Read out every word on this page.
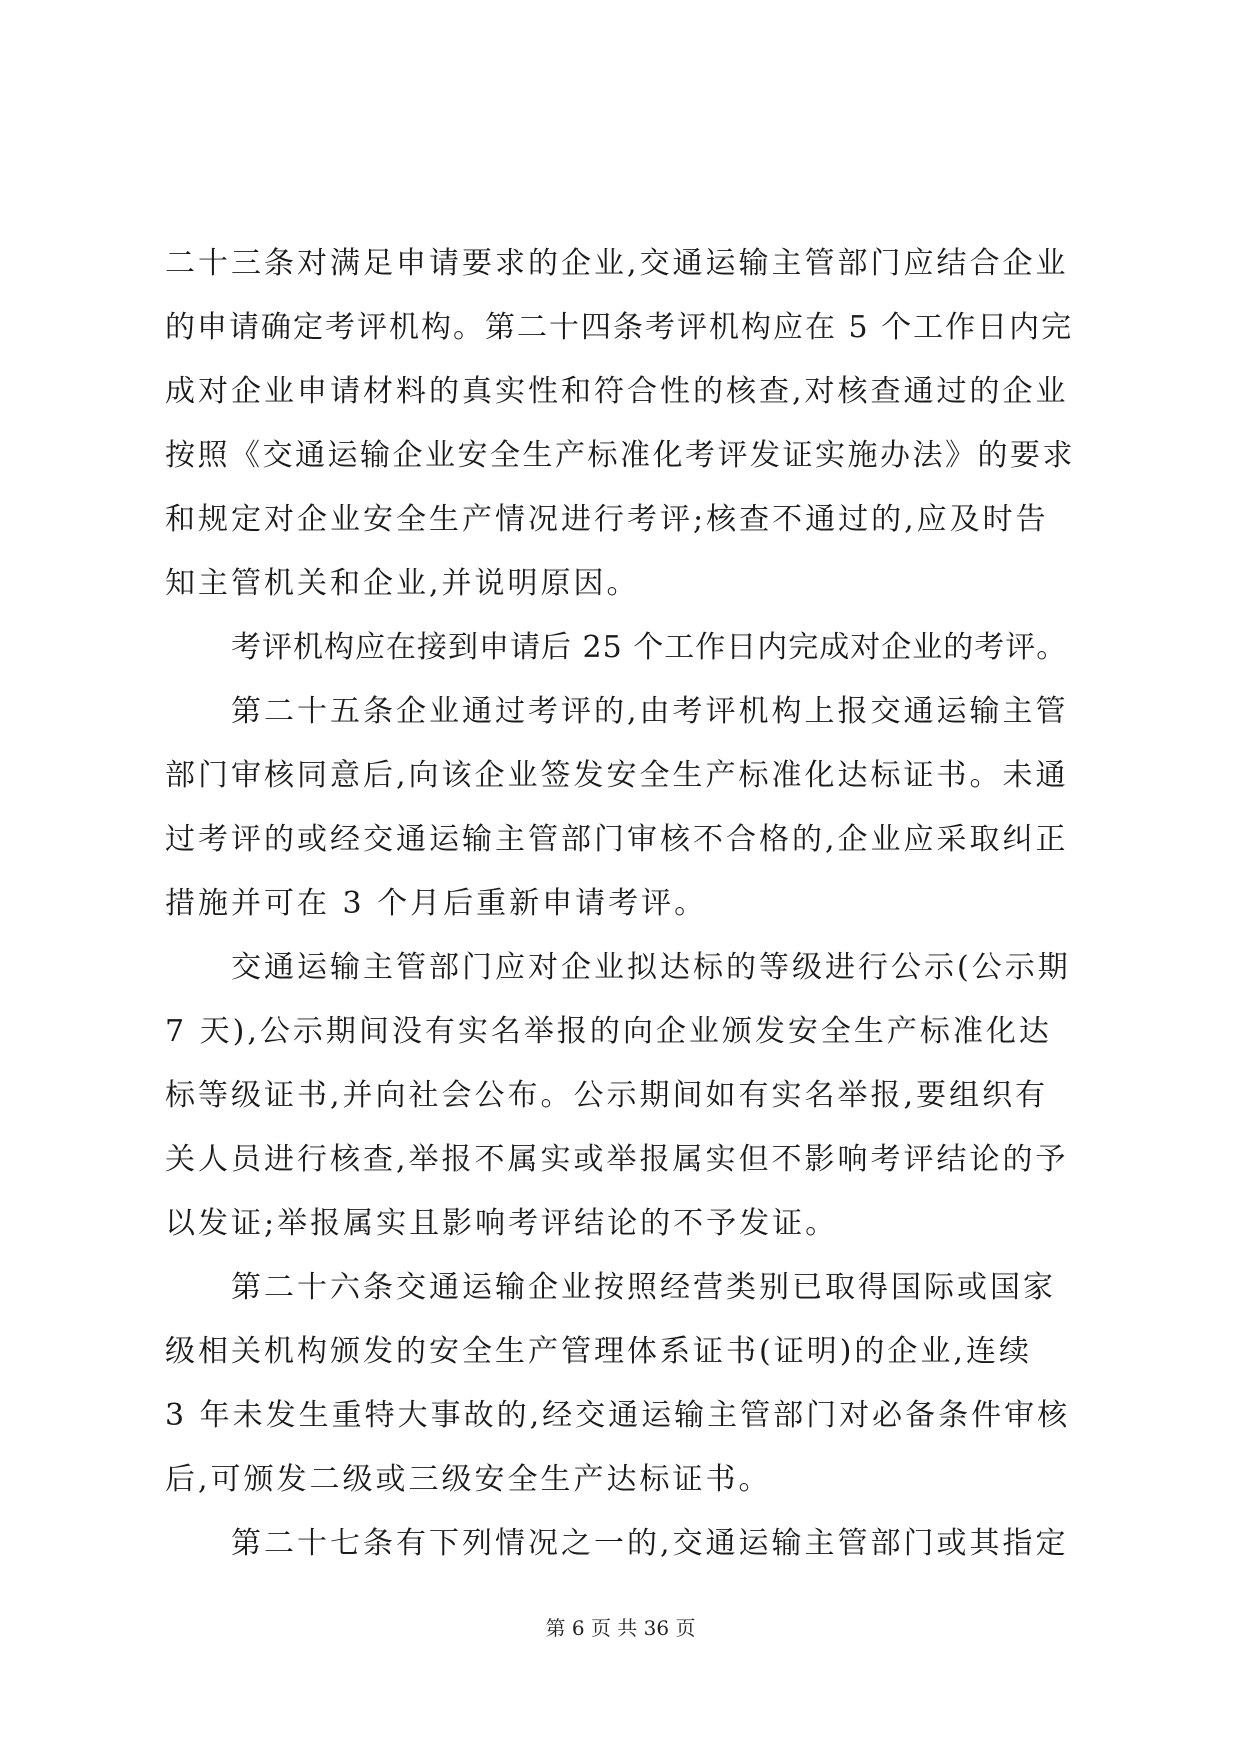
二十三条对满足申请要求的企业,交通运输主管部门应结合企业
的申请确定考评机构。第二十四条考评机构应在 5 个工作日内完
成对企业申请材料的真实性和符合性的核查,对核查通过的企业
按照《交通运输企业安全生产标准化考评发证实施办法》的要求
和规定对企业安全生产情况进行考评;核查不通过的,应及时告
知主管机关和企业,并说明原因。
考评机构应在接到申请后 25 个工作日内完成对企业的考评。
第二十五条企业通过考评的,由考评机构上报交通运输主管
部门审核同意后,向该企业签发安全生产标准化达标证书。未通
过考评的或经交通运输主管部门审核不合格的,企业应采取纠正
措施并可在 3 个月后重新申请考评。
交通运输主管部门应对企业拟达标的等级进行公示(公示期
7 天),公示期间没有实名举报的向企业颁发安全生产标准化达
标等级证书,并向社会公布。公示期间如有实名举报,要组织有
关人员进行核查,举报不属实或举报属实但不影响考评结论的予
以发证;举报属实且影响考评结论的不予发证。
第二十六条交通运输企业按照经营类别已取得国际或国家
级相关机构颁发的安全生产管理体系证书(证明)的企业,连续
3 年未发生重特大事故的,经交通运输主管部门对必备条件审核
后,可颁发二级或三级安全生产达标证书。
第二十七条有下列情况之一的,交通运输主管部门或其指定
第 6 页 共 36 页
